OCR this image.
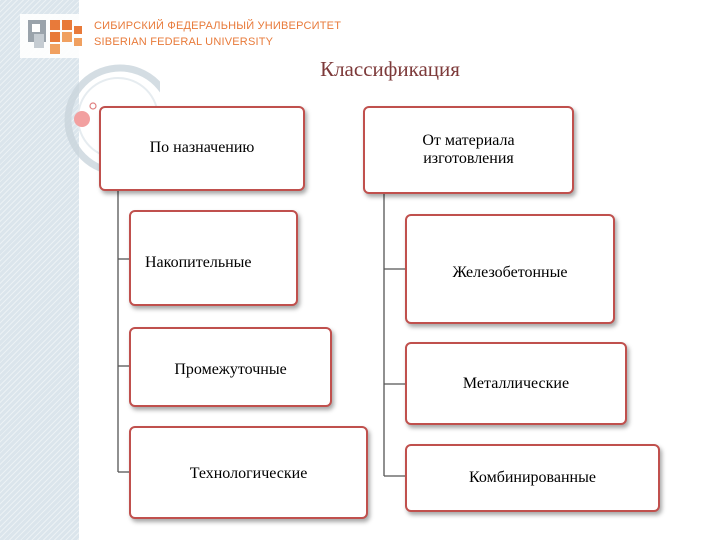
СИБИРСКИЙ ФЕДЕРАЛЬНЫЙ УНИВЕРСИТЕТ
SIBERIAN FEDERAL UNIVERSITY
Классификация
По назначению
Накопительные
Промежуточные
Технологические
От материала изготовления
Железобетонные
Металлические
Комбинированные
